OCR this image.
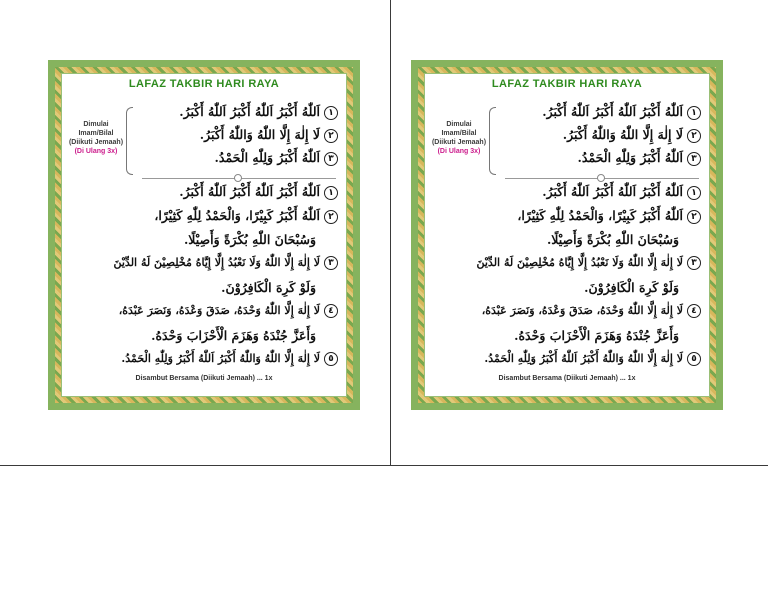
LAFAZ TAKBIR HARI RAYA
Dimulai
Imam/Bilal
(Diikuti Jemaah)
(Di Ulang 3x)
١اَللّٰهُ أَكْبَرُ اَللّٰهُ أَكْبَرُ اَللّٰهُ أَكْبَرُ.
٢لَا إِلٰهَ إِلَّا اللّٰهُ وَاللّٰهُ أَكْبَرُ.
٣اَللّٰهُ أَكْبَرُ وَلِلّٰهِ الْحَمْدُ.
١اَللّٰهُ أَكْبَرُ اَللّٰهُ أَكْبَرُ اَللّٰهُ أَكْبَرُ.
٢اَللّٰهُ أَكْبَرُ كَبِيْرًا، وَالْحَمْدُ لِلّٰهِ كَثِيْرًا،
وَسُبْحَانَ اللّٰهِ بُكْرَةً وَأَصِيْلًا.
٣لَا إِلٰهَ إِلَّا اللّٰهُ وَلَا نَعْبُدُ إِلَّا إِيَّاهُ مُخْلِصِيْنَ لَهُ الدِّيْنَ
وَلَوْ كَرِهَ الْكَافِرُوْنَ.
٤لَا إِلٰهَ إِلَّا اللّٰهُ وَحْدَهُ، صَدَقَ وَعْدَهُ، وَنَصَرَ عَبْدَهُ،
وَأَعَزَّ جُنْدَهُ وَهَزَمَ الْأَحْزَابَ وَحْدَهُ.
٥لَا إِلٰهَ إِلَّا اللّٰهُ وَاللّٰهُ أَكْبَرُ اَللّٰهُ أَكْبَرُ وَلِلّٰهِ الْحَمْدُ.
Disambut Bersama (Diikuti Jemaah) ... 1x
LAFAZ TAKBIR HARI RAYA
Dimulai
Imam/Bilal
(Diikuti Jemaah)
(Di Ulang 3x)
١اَللّٰهُ أَكْبَرُ اَللّٰهُ أَكْبَرُ اَللّٰهُ أَكْبَرُ.
٢لَا إِلٰهَ إِلَّا اللّٰهُ وَاللّٰهُ أَكْبَرُ.
٣اَللّٰهُ أَكْبَرُ وَلِلّٰهِ الْحَمْدُ.
١اَللّٰهُ أَكْبَرُ اَللّٰهُ أَكْبَرُ اَللّٰهُ أَكْبَرُ.
٢اَللّٰهُ أَكْبَرُ كَبِيْرًا، وَالْحَمْدُ لِلّٰهِ كَثِيْرًا،
وَسُبْحَانَ اللّٰهِ بُكْرَةً وَأَصِيْلًا.
٣لَا إِلٰهَ إِلَّا اللّٰهُ وَلَا نَعْبُدُ إِلَّا إِيَّاهُ مُخْلِصِيْنَ لَهُ الدِّيْنَ
وَلَوْ كَرِهَ الْكَافِرُوْنَ.
٤لَا إِلٰهَ إِلَّا اللّٰهُ وَحْدَهُ، صَدَقَ وَعْدَهُ، وَنَصَرَ عَبْدَهُ،
وَأَعَزَّ جُنْدَهُ وَهَزَمَ الْأَحْزَابَ وَحْدَهُ.
٥لَا إِلٰهَ إِلَّا اللّٰهُ وَاللّٰهُ أَكْبَرُ اَللّٰهُ أَكْبَرُ وَلِلّٰهِ الْحَمْدُ.
Disambut Bersama (Diikuti Jemaah) ... 1x
